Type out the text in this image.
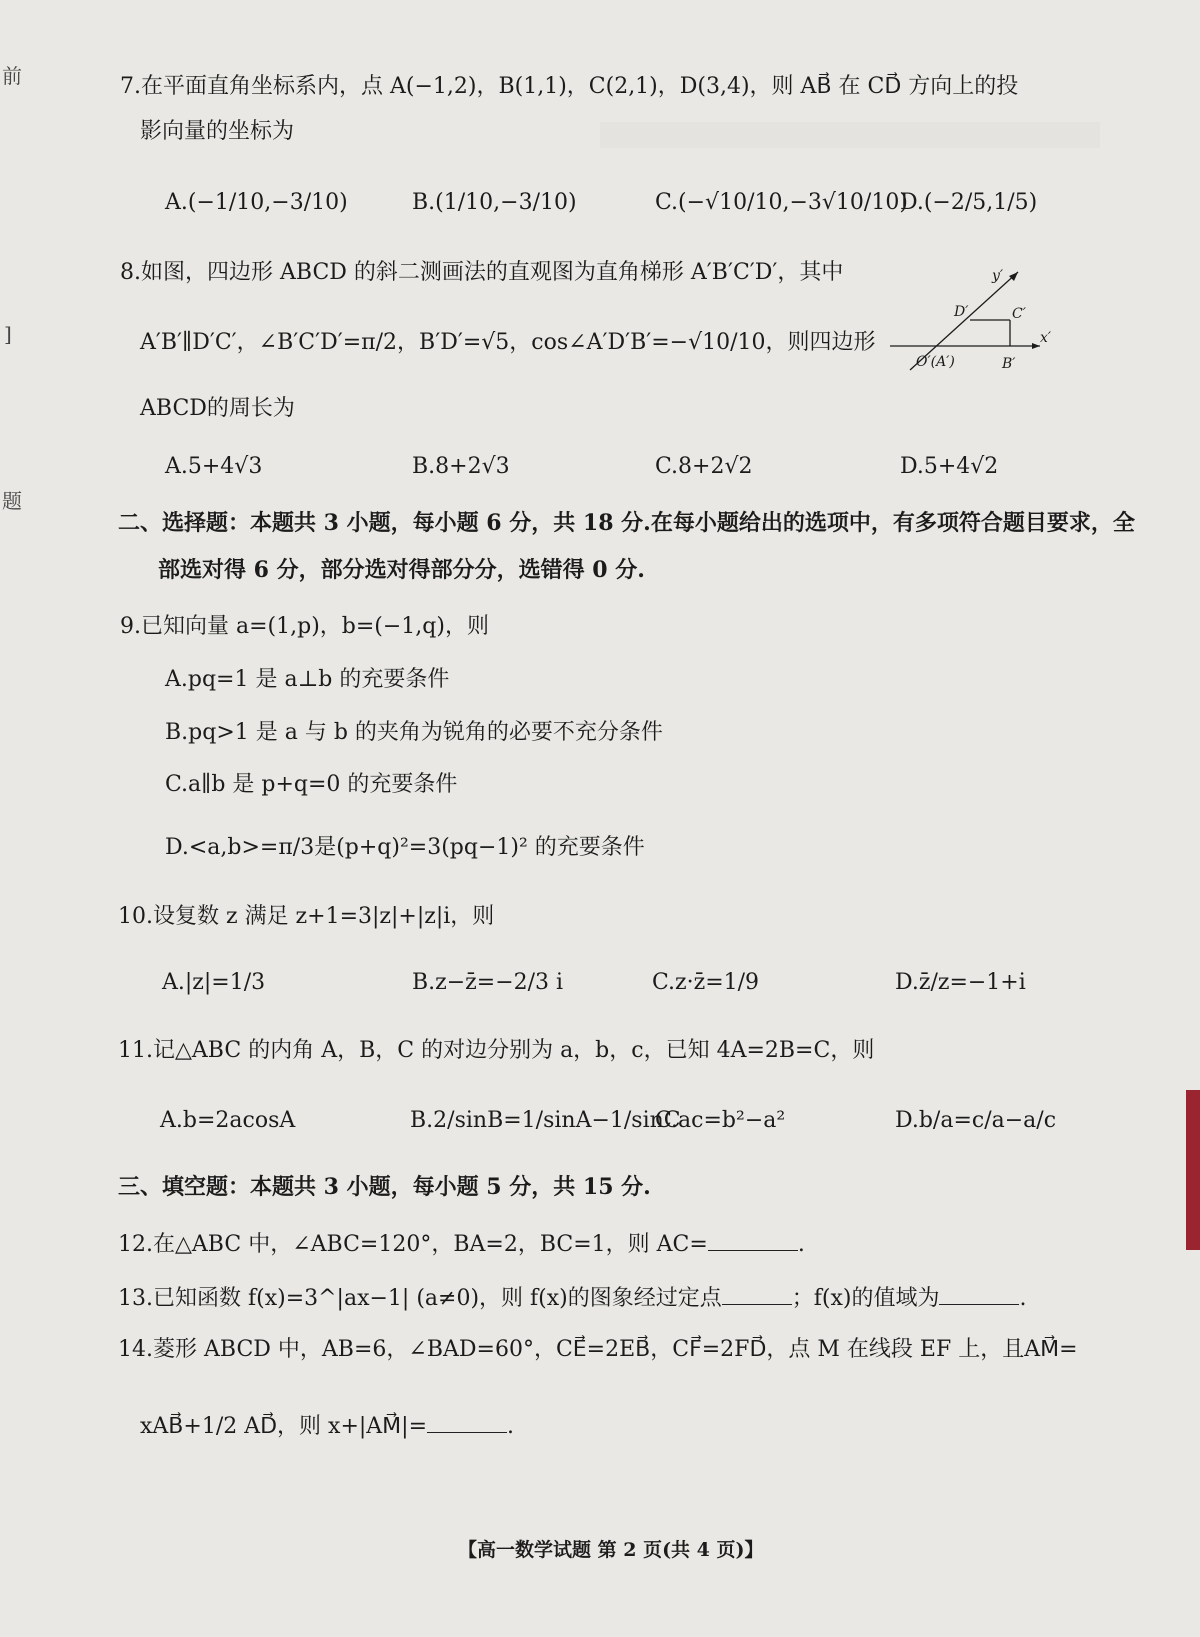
前
]
题
7.在平面直角坐标系内，点 A(−1,2)，B(1,1)，C(2,1)，D(3,4)，则 AB⃗ 在 CD⃗ 方向上的投
影向量的坐标为
A.(−1/10,−3/10)	B.(1/10,−3/10)	C.(−√10/10,−3√10/10)
D.(−2/5,1/5)
8.如图，四边形 ABCD 的斜二测画法的直观图为直角梯形 A′B′C′D′，其中
A′B′∥D′C′，∠B′C′D′=π/2，B′D′=√5，cos∠A′D′B′=−√10/10，则四边形
ABCD的周长为
y′
x′
D′	C′
O′(A′)	B′
A.5+4√3	B.8+2√3	C.8+2√2	D.5+4√2
二、选择题：本题共 3 小题，每小题 6 分，共 18 分.在每小题给出的选项中，有多项符合题目要求，全
部选对得 6 分，部分选对得部分分，选错得 0 分.
9.已知向量 a=(1,p)，b=(−1,q)，则
A.pq=1 是 a⊥b 的充要条件
B.pq>1 是 a 与 b 的夹角为锐角的必要不充分条件
C.a∥b 是 p+q=0 的充要条件
D.<a,b>=π/3是(p+q)²=3(pq−1)² 的充要条件
10.设复数 z 满足 z+1=3|z|+|z|i，则
A.|z|=1/3	B.z−z̄=−2/3 i	C.z·z̄=1/9	D.z̄/z=−1+i
11.记△ABC 的内角 A，B，C 的对边分别为 a，b，c，已知 4A=2B=C，则
A.b=2acosA	B.2/sinB=1/sinA−1/sinC
C.ac=b²−a²	D.b/a=c/a−a/c
三、填空题：本题共 3 小题，每小题 5 分，共 15 分.
12.在△ABC 中，∠ABC=120°，BA=2，BC=1，则 AC=	.
13.已知函数 f(x)=3^|ax−1| (a≠0)，则 f(x)的图象经过定点	；f(x)的值域为	.
14.菱形 ABCD 中，AB=6，∠BAD=60°，CE⃗=2EB⃗，CF⃗=2FD⃗，点 M 在线段 EF 上，且AM⃗=
xAB⃗+1/2 AD⃗，则 x+|AM⃗|=	.
【高一数学试题 第 2 页(共 4 页)】
